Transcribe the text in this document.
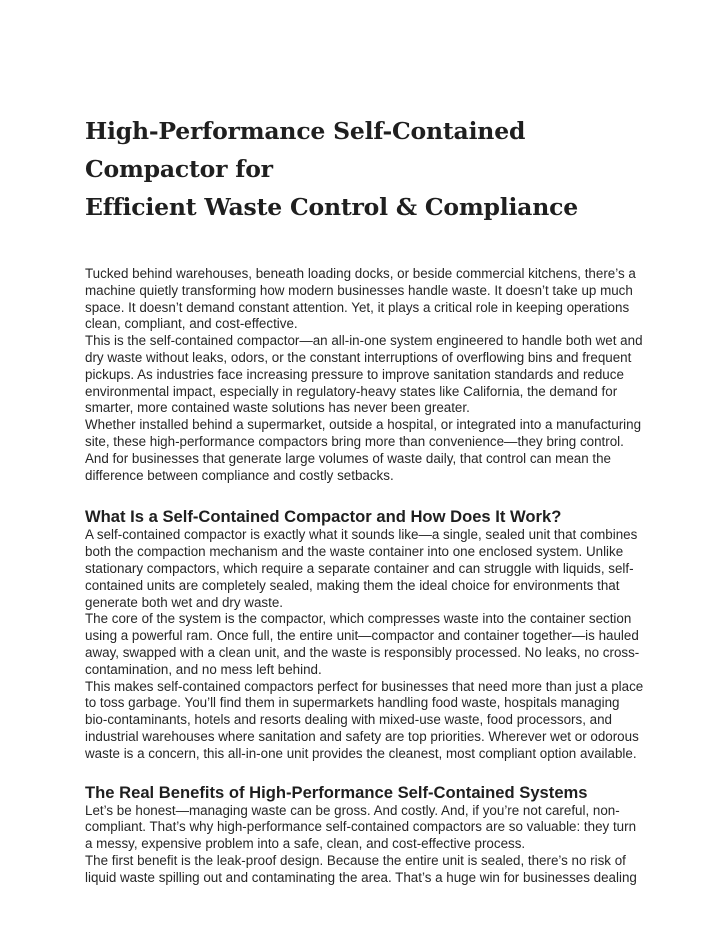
High-Performance Self-Contained Compactor for
Efficient Waste Control & Compliance

Tucked behind warehouses, beneath loading docks, or beside commercial kitchens, there’s a machine quietly transforming how modern businesses handle waste. It doesn’t take up much space. It doesn’t demand constant attention. Yet, it plays a critical role in keeping operations clean, compliant, and cost-effective.

This is the self-contained compactor—an all-in-one system engineered to handle both wet and dry waste without leaks, odors, or the constant interruptions of overflowing bins and frequent pickups. As industries face increasing pressure to improve sanitation standards and reduce environmental impact, especially in regulatory-heavy states like California, the demand for smarter, more contained waste solutions has never been greater.

Whether installed behind a supermarket, outside a hospital, or integrated into a manufacturing site, these high-performance compactors bring more than convenience—they bring control. And for businesses that generate large volumes of waste daily, that control can mean the difference between compliance and costly setbacks.

What Is a Self-Contained Compactor and How Does It Work?

A self-contained compactor is exactly what it sounds like—a single, sealed unit that combines both the compaction mechanism and the waste container into one enclosed system. Unlike stationary compactors, which require a separate container and can struggle with liquids, self-contained units are completely sealed, making them the ideal choice for environments that generate both wet and dry waste.

The core of the system is the compactor, which compresses waste into the container section using a powerful ram. Once full, the entire unit—compactor and container together—is hauled away, swapped with a clean unit, and the waste is responsibly processed. No leaks, no cross-contamination, and no mess left behind.

This makes self-contained compactors perfect for businesses that need more than just a place to toss garbage. You’ll find them in supermarkets handling food waste, hospitals managing bio-contaminants, hotels and resorts dealing with mixed-use waste, food processors, and industrial warehouses where sanitation and safety are top priorities. Wherever wet or odorous waste is a concern, this all-in-one unit provides the cleanest, most compliant option available.

The Real Benefits of High-Performance Self-Contained Systems

Let’s be honest—managing waste can be gross. And costly. And, if you’re not careful, non-compliant. That’s why high-performance self-contained compactors are so valuable: they turn a messy, expensive problem into a safe, clean, and cost-effective process.

The first benefit is the leak-proof design. Because the entire unit is sealed, there’s no risk of liquid waste spilling out and contaminating the area. That’s a huge win for businesses dealing
